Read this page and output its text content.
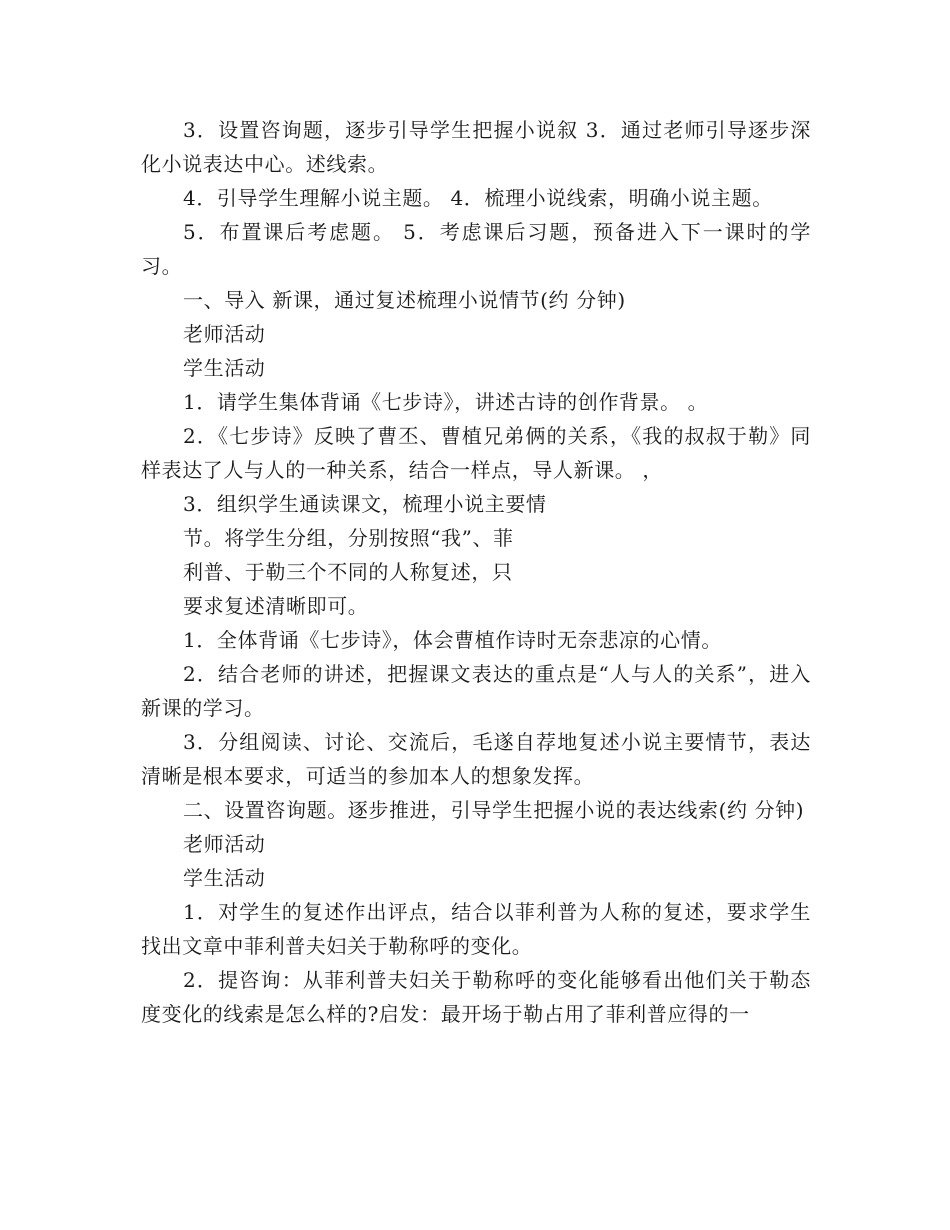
3．设置咨询题，逐步引导学生把握小说叙 3．通过老师引导逐步深化小说表达中心。述线索。

4．引导学生理解小说主题。 4．梳理小说线索，明确小说主题。

5．布置课后考虑题。 5．考虑课后习题，预备进入下一课时的学习。

一、导入 新课，通过复述梳理小说情节(约 分钟)

老师活动

学生活动

1．请学生集体背诵《七步诗》，讲述古诗的创作背景。 。

2．《七步诗》反映了曹丕、曹植兄弟俩的关系，《我的叔叔于勒》同样表达了人与人的一种关系，结合一样点，导人新课。 ，

3．组织学生通读课文，梳理小说主要情

节。将学生分组，分别按照“我”、菲

利普、于勒三个不同的人称复述，只

要求复述清晰即可。

1．全体背诵《七步诗》，体会曹植作诗时无奈悲凉的心情。

2．结合老师的讲述，把握课文表达的重点是“人与人的关系”，进入新课的学习。

3．分组阅读、讨论、交流后，毛遂自荐地复述小说主要情节，表达清晰是根本要求，可适当的参加本人的想象发挥。

二、设置咨询题。逐步推进，引导学生把握小说的表达线索(约 分钟)

老师活动

学生活动

1．对学生的复述作出评点，结合以菲利普为人称的复述，要求学生找出文章中菲利普夫妇关于勒称呼的变化。

2．提咨询：从菲利普夫妇关于勒称呼的变化能够看出他们关于勒态度变化的线索是怎么样的?启发：最开场于勒占用了菲利普应得的一
